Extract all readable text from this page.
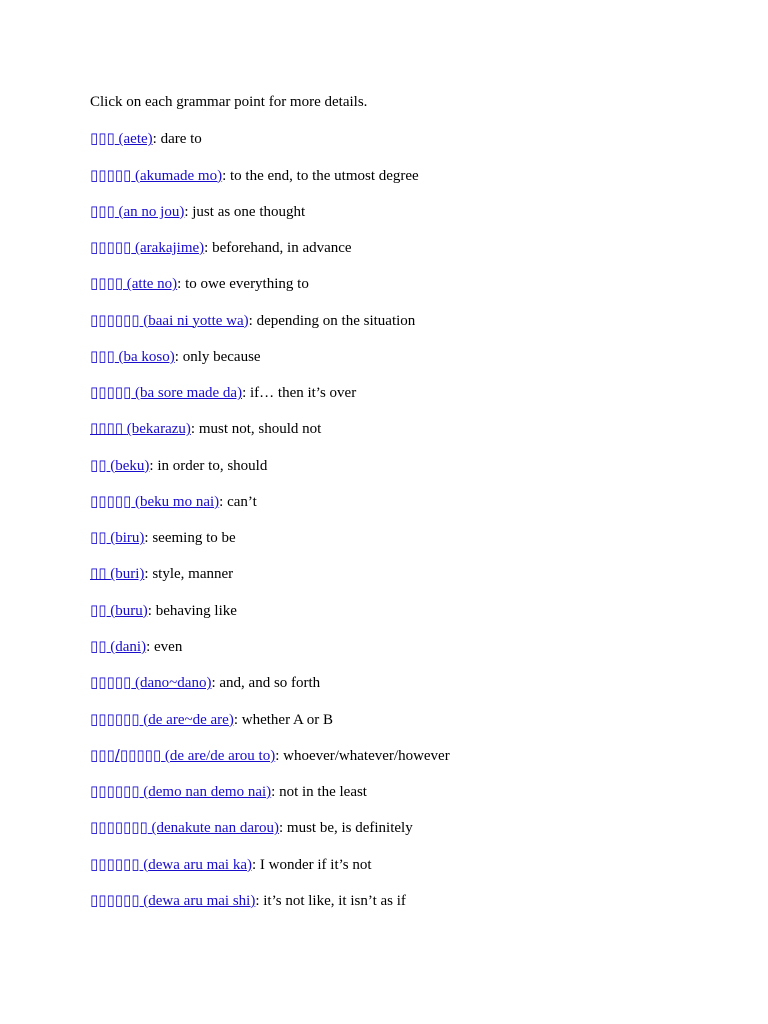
Click on each grammar point for more details.

▯▯▯ (aete): dare to
▯▯▯▯▯ (akumade mo): to the end, to the utmost degree
▯▯▯ (an no jou): just as one thought
▯▯▯▯▯ (arakajime): beforehand, in advance
▯▯▯▯ (atte no): to owe everything to
▯▯▯▯▯▯ (baai ni yotte wa): depending on the situation
▯▯▯ (ba koso): only because
▯▯▯▯▯ (ba sore made da): if… then it’s over
▯▯▯▯ (bekarazu): must not, should not
▯▯ (beku): in order to, should
▯▯▯▯▯ (beku mo nai): can’t
▯▯ (biru): seeming to be
▯▯ (buri): style, manner
▯▯ (buru): behaving like
▯▯ (dani): even
▯▯▯▯▯ (dano~dano): and, and so forth
▯▯▯▯▯▯ (de are~de are): whether A or B
▯▯▯/▯▯▯▯▯ (de are/de arou to): whoever/whatever/however
▯▯▯▯▯▯ (demo nan demo nai): not in the least
▯▯▯▯▯▯▯ (denakute nan darou): must be, is definitely
▯▯▯▯▯▯ (dewa aru mai ka): I wonder if it’s not
▯▯▯▯▯▯ (dewa aru mai shi): it’s not like, it isn’t as if
